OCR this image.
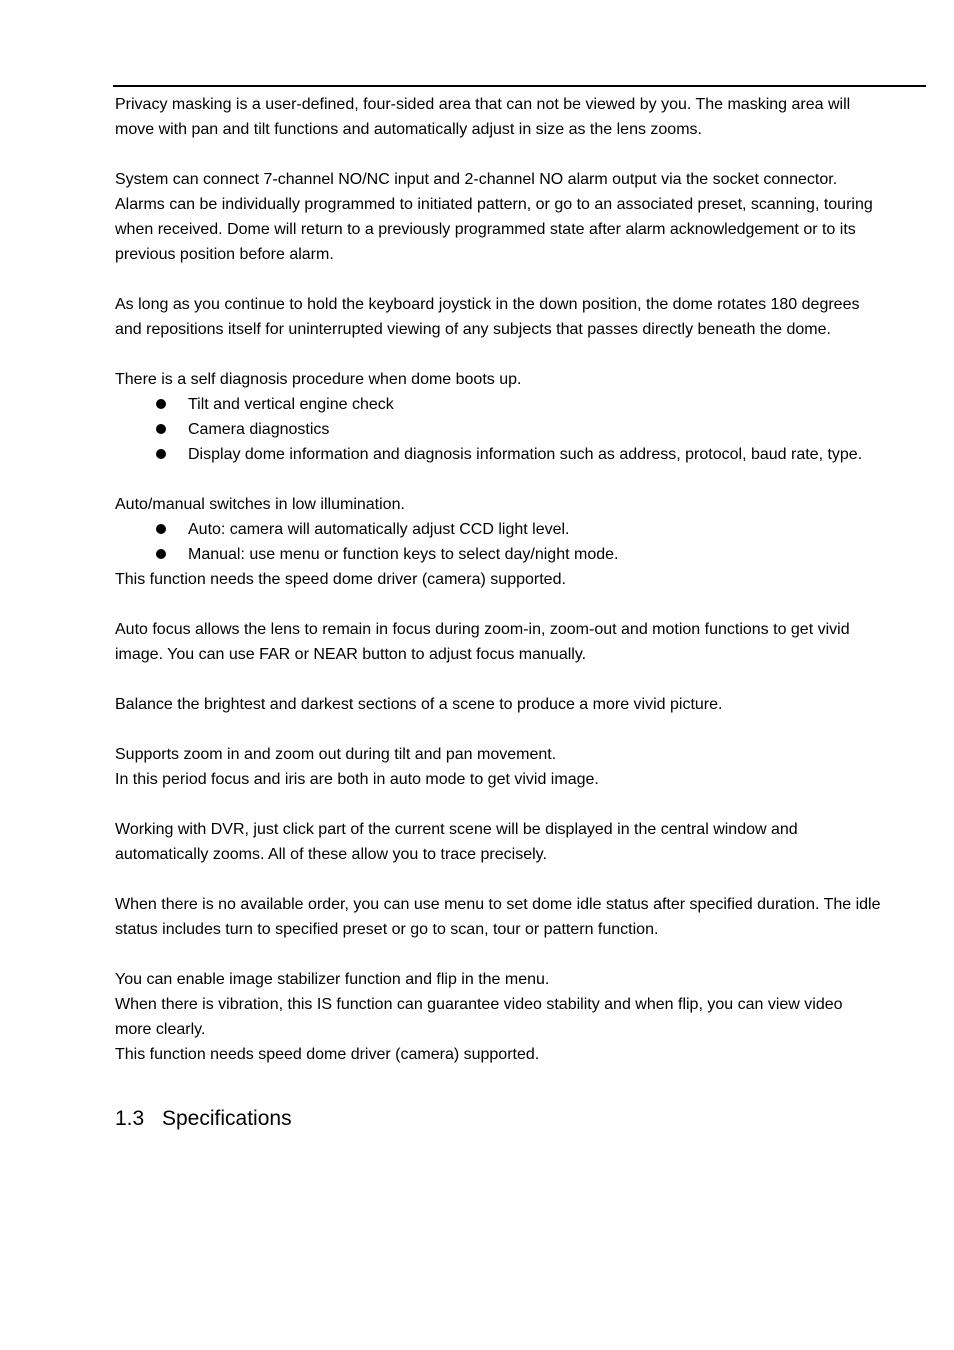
Privacy masking is a user-defined, four-sided area that can not be viewed by you. The masking area will
move with pan and tilt functions and automatically adjust in size as the lens zooms.

System can connect 7-channel NO/NC input and 2-channel NO alarm output via the socket connector.
Alarms can be individually programmed to initiated pattern, or go to an associated preset, scanning, touring
when received. Dome will return to a previously programmed state after alarm acknowledgement or to its
previous position before alarm.

As long as you continue to hold the keyboard joystick in the down position, the dome rotates 180 degrees
and repositions itself for uninterrupted viewing of any subjects that passes directly beneath the dome.

There is a self diagnosis procedure when dome boots up.

Tilt and vertical engine check
Camera diagnostics
Display dome information and diagnosis information such as address, protocol, baud rate, type.

Auto/manual switches in low illumination.

Auto: camera will automatically adjust CCD light level.
Manual: use menu or function keys to select day/night mode.

This function needs the speed dome driver (camera) supported.

Auto focus allows the lens to remain in focus during zoom-in, zoom-out and motion functions to get vivid
image. You can use FAR or NEAR button to adjust focus manually.

Balance the brightest and darkest sections of a scene to produce a more vivid picture.

Supports zoom in and zoom out during tilt and pan movement.
In this period focus and iris are both in auto mode to get vivid image.

Working with DVR, just click part of the current scene will be displayed in the central window and
automatically zooms. All of these allow you to trace precisely.

When there is no available order, you can use menu to set dome idle status after specified duration. The idle
status includes turn to specified preset or go to scan, tour or pattern function.

You can enable image stabilizer function and flip in the menu.
When there is vibration, this IS function can guarantee video stability and when flip, you can view video
more clearly.
This function needs speed dome driver (camera) supported.

1.3 Specifications
